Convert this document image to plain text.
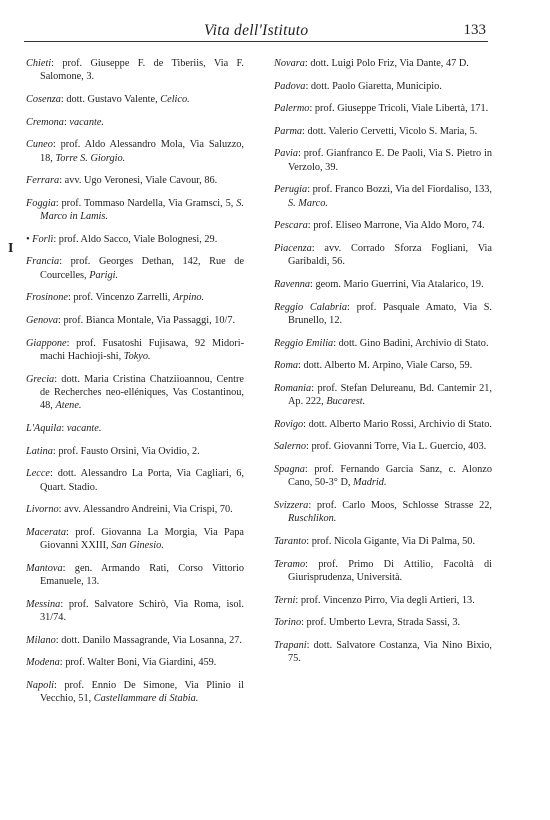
Vita dell'Istituto	133
I

Chieti: prof. Giuseppe F. de Tiberiis, Via F. Salomone, 3.

Cosenza: dott. Gustavo Valente, Celico.

Cremona: vacante.

Cuneo: prof. Aldo Alessandro Mola, Via Saluzzo, 18, Torre S. Giorgio.

Ferrara: avv. Ugo Veronesi, Viale Cavour, 86.

Foggia: prof. Tommaso Nardella, Via Gramsci, 5, S. Marco in Lamis.

• Forlì: prof. Aldo Sacco, Viale Bolognesi, 29.

Francia: prof. Georges Dethan, 142, Rue de Courcelles, Parigi.

Frosinone: prof. Vincenzo Zarrelli, Arpino.

Genova: prof. Bianca Montale, Via Passaggi, 10/7.

Giappone: prof. Fusatoshi Fujisawa, 92 Midori-machi Hachioji-shi, Tokyo.

Grecia: dott. Maria Cristina Chatziioannou, Centre de Recherches neo-elléniques, Vas Costantinou, 48, Atene.

L'Aquila: vacante.

Latina: prof. Fausto Orsini, Via Ovidio, 2.

Lecce: dott. Alessandro La Porta, Via Cagliari, 6, Quart. Stadio.

Livorno: avv. Alessandro Andreini, Via Crispi, 70.

Macerata: prof. Giovanna La Morgia, Via Papa Giovanni XXIII, San Ginesio.

Mantova: gen. Armando Rati, Corso Vittorio Emanuele, 13.

Messina: prof. Salvatore Schirò, Via Roma, isol. 31/74.

Milano: dott. Danilo Massagrande, Via Losanna, 27.

Modena: prof. Walter Boni, Via Giardini, 459.

Napoli: prof. Ennio De Simone, Via Plinio il Vecchio, 51, Castellammare di Stabia.

Novara: dott. Luigi Polo Friz, Via Dante, 47 D.

Padova: dott. Paolo Giaretta, Municipio.

Palermo: prof. Giuseppe Tricoli, Viale Libertà, 171.

Parma: dott. Valerio Cervetti, Vicolo S. Maria, 5.

Pavia: prof. Gianfranco E. De Paoli, Via S. Pietro in Verzolo, 39.

Perugia: prof. Franco Bozzi, Via del Fiordaliso, 133, S. Marco.

Pescara: prof. Eliseo Marrone, Via Aldo Moro, 74.

Piacenza: avv. Corrado Sforza Fogliani, Via Garibaldi, 56.

Ravenna: geom. Mario Guerrini, Via Atalarico, 19.

Reggio Calabria: prof. Pasquale Amato, Via S. Brunello, 12.

Reggio Emilia: dott. Gino Badini, Archivio di Stato.

Roma: dott. Alberto M. Arpino, Viale Carso, 59.

Romania: prof. Stefan Delureanu, Bd. Cantemir 21, Ap. 222, Bucarest.

Rovigo: dott. Alberto Mario Rossi, Archivio di Stato.

Salerno: prof. Giovanni Torre, Via L. Guercio, 403.

Spagna: prof. Fernando Garcia Sanz, c. Alonzo Cano, 50-3° D, Madrid.

Svizzera: prof. Carlo Moos, Schlosse Strasse 22, Ruschlikon.

Taranto: prof. Nicola Gigante, Via Di Palma, 50.

Teramo: prof. Primo Di Attilio, Facoltà di Giurisprudenza, Università.

Terni: prof. Vincenzo Pirro, Via degli Artieri, 13.

Torino: prof. Umberto Levra, Strada Sassi, 3.

Trapani: dott. Salvatore Costanza, Via Nino Bixio, 75.
